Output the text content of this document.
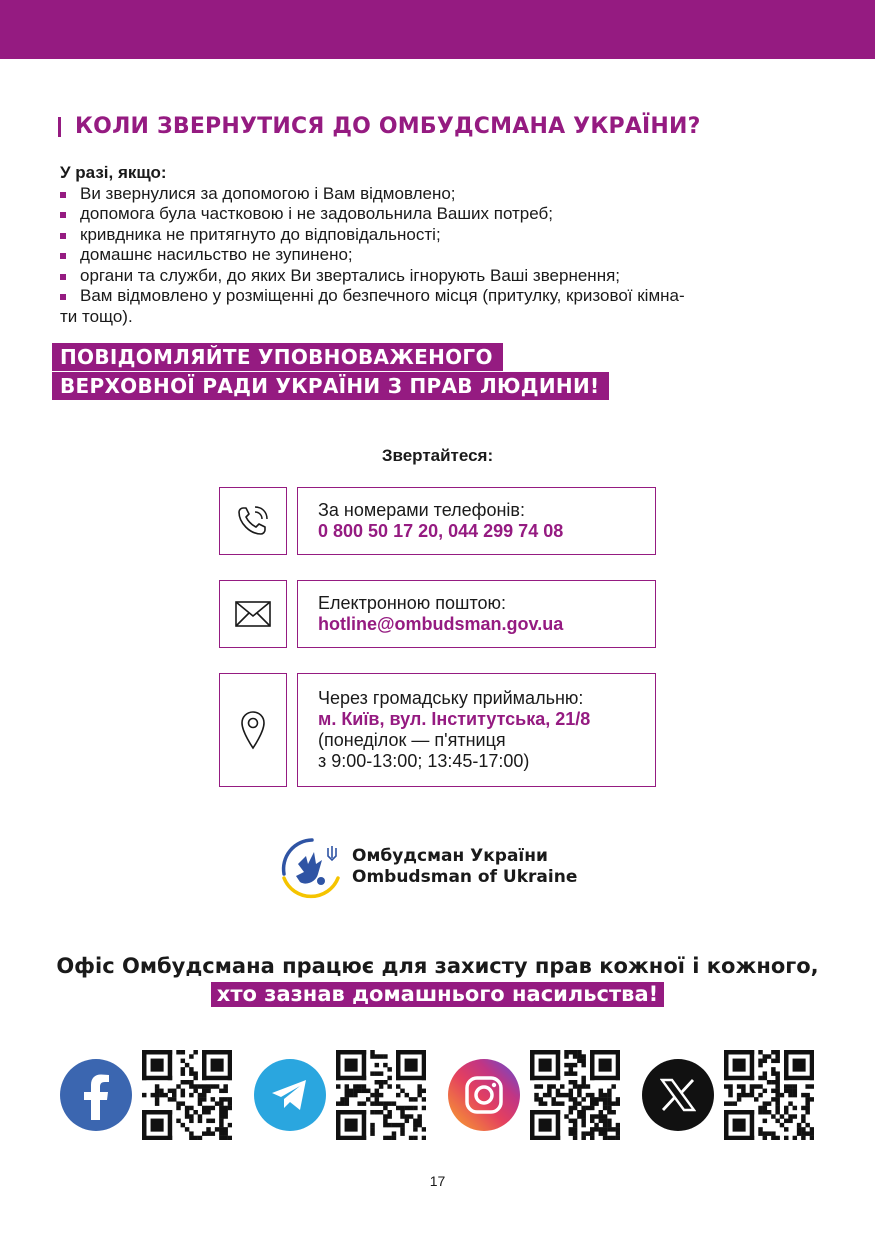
КОЛИ ЗВЕРНУТИСЯ ДО ОМБУДСМАНА УКРАЇНИ?
У разі, якщо:
Ви звернулися за допомогою і Вам відмовлено;
допомога була частковою і не задовольнила Ваших потреб;
кривдника не притягнуто до відповідальності;
домашнє насильство не зупинено;
органи та служби, до яких Ви звертались ігнорують Ваші звернення;
Вам відмовлено у розміщенні до безпечного місця (притулку, кризової кімна-
ти тощо).
ПОВІДОМЛЯЙТЕ УПОВНОВАЖЕНОГО
ВЕРХОВНОЇ РАДИ УКРАЇНИ З ПРАВ ЛЮДИНИ!
Звертайтеся:
За номерами телефонів:
0 800 50 17 20, 044 299 74 08
Електронною поштою:
hotline@ombudsman.gov.ua
Через громадську приймальню:
м. Київ, вул. Інститутська, 21/8
(понеділок — п'ятниця
з 9:00-13:00; 13:45-17:00)
Омбудсман України
Ombudsman of Ukraine
Офіс Омбудсмана працює для захисту прав кожної і кожного,
хто зазнав домашнього насильства!
17
